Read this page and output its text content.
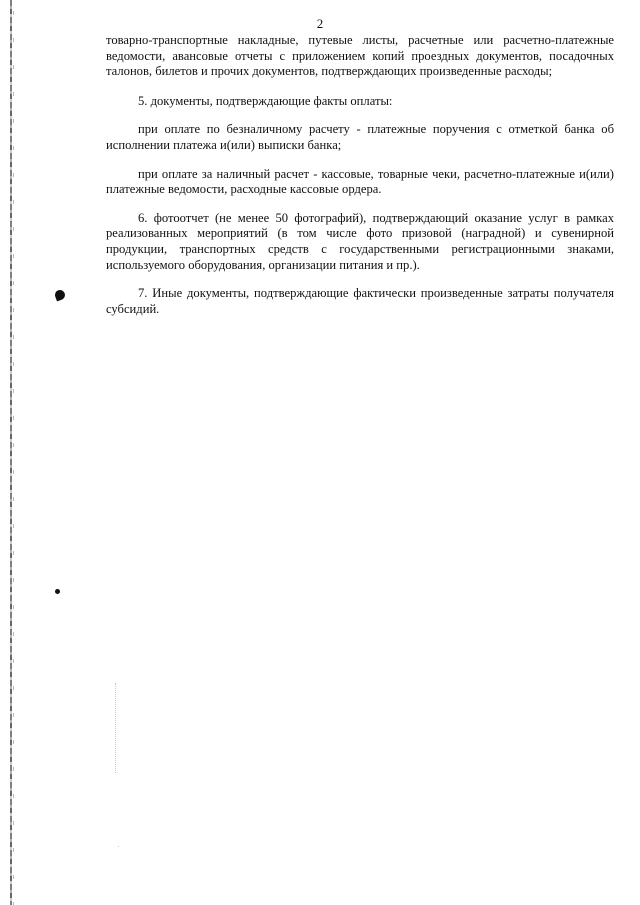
2

товарно-транспортные накладные, путевые листы, расчетные или расчетно-платежные ведомости, авансовые отчеты с приложением копий проездных документов, посадочных талонов, билетов и прочих документов, подтверждающих произведенные расходы;

5. документы, подтверждающие факты оплаты:

при оплате по безналичному расчету - платежные поручения с отметкой банка об исполнении платежа и(или) выписки банка;

при оплате за наличный расчет - кассовые, товарные чеки, расчетно-платежные и(или) платежные ведомости, расходные кассовые ордера.

6. фотоотчет (не менее 50 фотографий), подтверждающий оказание услуг в рамках реализованных мероприятий (в том числе фото призовой (наградной) и сувенирной продукции, транспортных средств с государственными регистрационными знаками, используемого оборудования, организации питания и пр.).

7. Иные документы, подтверждающие фактически произведенные затраты получателя субсидий.
